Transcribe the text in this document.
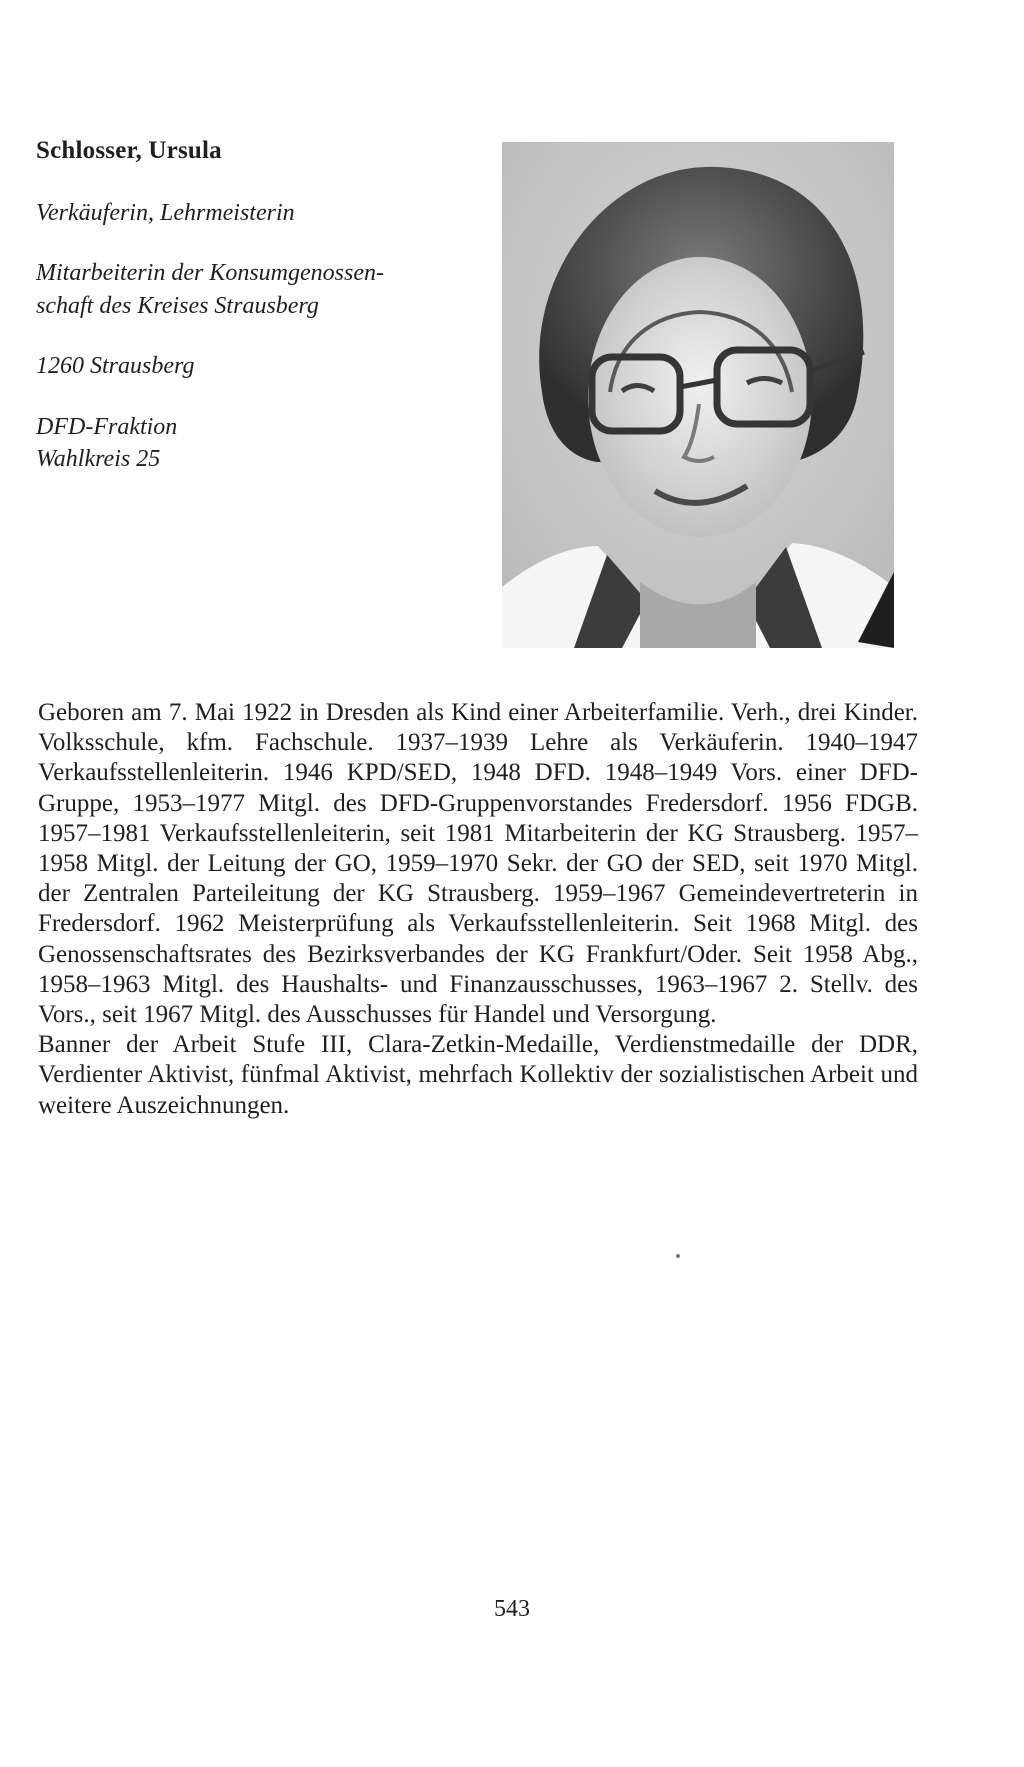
Schlosser, Ursula
Verkäuferin, Lehrmeisterin
Mitarbeiterin der Konsumgenossen-
schaft des Kreises Strausberg
1260 Strausberg
DFD-Fraktion
Wahlkreis 25

Geboren am 7. Mai 1922 in Dresden als Kind einer Arbeiterfamilie. Verh., drei Kinder. Volksschule, kfm. Fachschule. 1937–1939 Lehre als Verkäuferin. 1940–1947 Verkaufsstellenleiterin. 1946 KPD/SED, 1948 DFD. 1948–1949 Vors. einer DFD-Gruppe, 1953–1977 Mitgl. des DFD-Gruppenvorstandes Fredersdorf. 1956 FDGB. 1957–1981 Verkaufsstellenleiterin, seit 1981 Mitarbeiterin der KG Strausberg. 1957–1958 Mitgl. der Leitung der GO, 1959–1970 Sekr. der GO der SED, seit 1970 Mitgl. der Zentralen Parteileitung der KG Strausberg. 1959–1967 Gemeindevertreterin in Fredersdorf. 1962 Meisterprüfung als Verkaufsstellenleiterin. Seit 1968 Mitgl. des Genossenschaftsrates des Bezirksverbandes der KG Frankfurt/Oder. Seit 1958 Abg., 1958–1963 Mitgl. des Haushalts- und Finanzausschusses, 1963–1967 2. Stellv. des Vors., seit 1967 Mitgl. des Ausschusses für Handel und Versorgung.

Banner der Arbeit Stufe III, Clara-Zetkin-Medaille, Verdienstmedaille der DDR, Verdienter Aktivist, fünfmal Aktivist, mehrfach Kollektiv der sozialistischen Arbeit und weitere Auszeichnungen.

543
